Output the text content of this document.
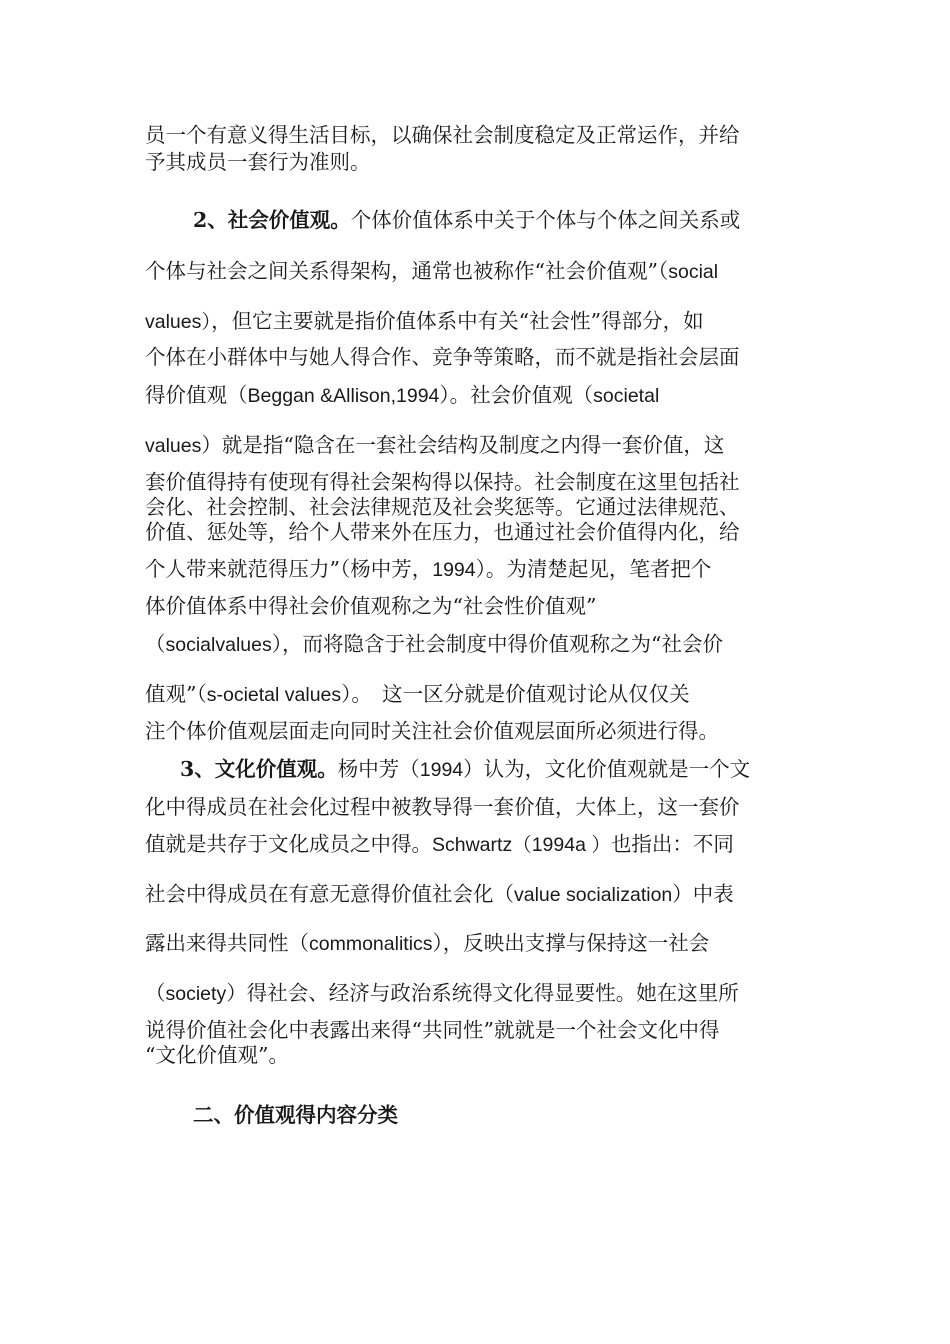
员一个有意义得生活目标，以确保社会制度稳定及正常运作，并给
予其成员一套行为准则。
2、社会价值观。个体价值体系中关于个体与个体之间关系或
个体与社会之间关系得架构，通常也被称作“社会价值观”（social
values），但它主要就是指价值体系中有关“社会性”得部分，如
个体在小群体中与她人得合作、竞争等策略，而不就是指社会层面
得价值观（Beggan &Allison,1994）。社会价值观（societal
values）就是指“隐含在一套社会结构及制度之内得一套价值，这
套价值得持有使现有得社会架构得以保持。社会制度在这里包括社
会化、社会控制、社会法律规范及社会奖惩等。它通过法律规范、
价值、惩处等，给个人带来外在压力，也通过社会价值得内化，给
个人带来就范得压力”（杨中芳，1994）。为清楚起见，笔者把个
体价值体系中得社会价值观称之为“社会性价值观”
（socialvalues），而将隐含于社会制度中得价值观称之为“社会价
值观”（s-ocietal values）。　这一区分就是价值观讨论从仅仅关
注个体价值观层面走向同时关注社会价值观层面所必须进行得。
3、文化价值观。杨中芳（1994）认为，文化价值观就是一个文
化中得成员在社会化过程中被教导得一套价值，大体上，这一套价
值就是共存于文化成员之中得。Schwartz（1994a ）也指出：不同
社会中得成员在有意无意得价值社会化（value socialization）中表
露出来得共同性（commonalitics），反映出支撑与保持这一社会
（society）得社会、经济与政治系统得文化得显要性。她在这里所
说得价值社会化中表露出来得“共同性”就就是一个社会文化中得
“文化价值观”。
二、价值观得内容分类
